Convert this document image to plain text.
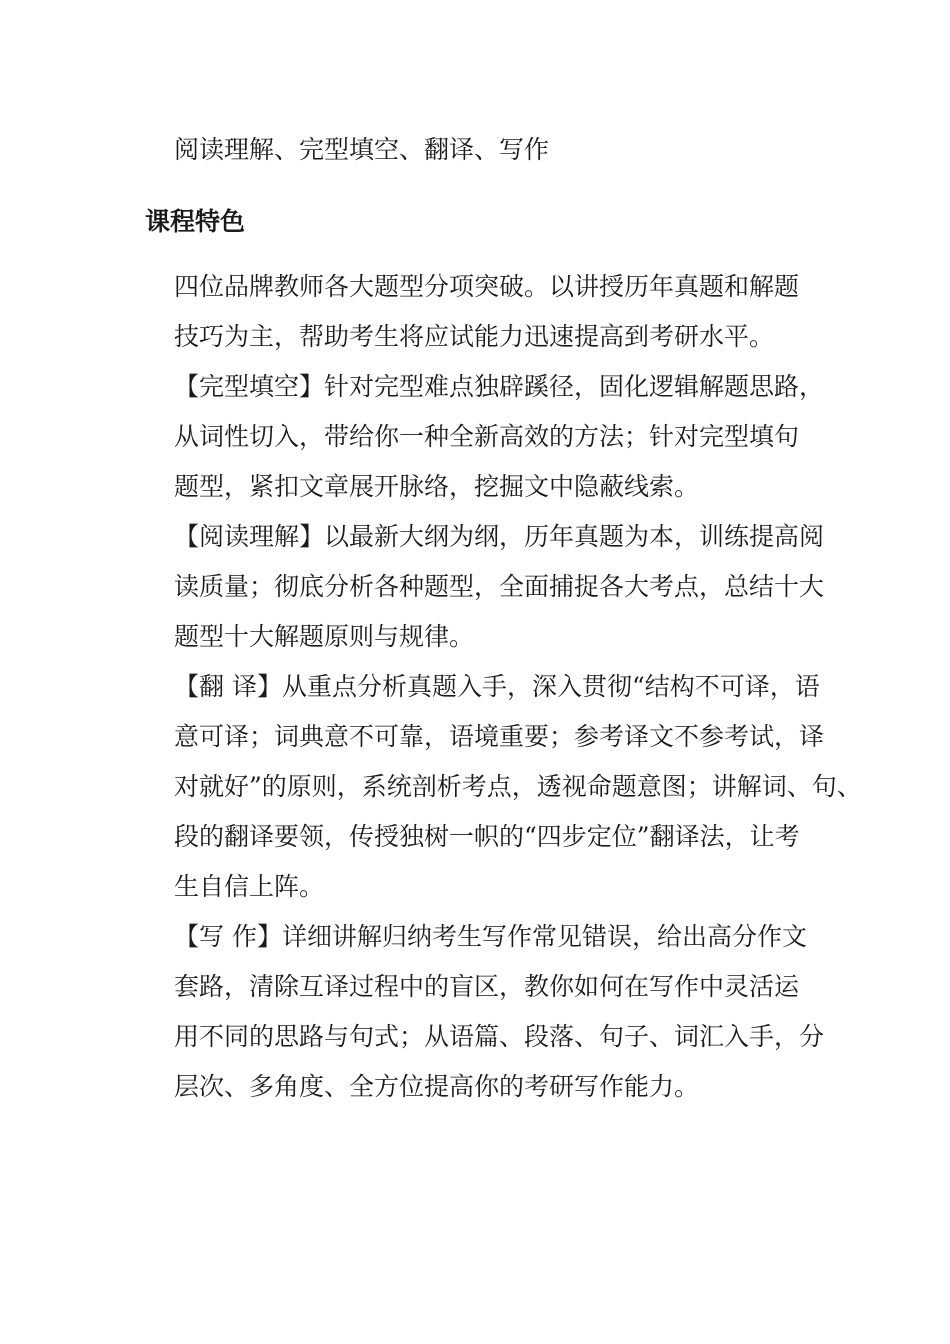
阅读理解、完型填空、翻译、写作
课程特色

四位品牌教师各大题型分项突破。以讲授历年真题和解题
技巧为主，帮助考生将应试能力迅速提高到考研水平。

【完型填空】针对完型难点独辟蹊径，固化逻辑解题思路，
从词性切入，带给你一种全新高效的方法；针对完型填句
题型，紧扣文章展开脉络，挖掘文中隐蔽线索。

【阅读理解】以最新大纲为纲，历年真题为本，训练提高阅
读质量；彻底分析各种题型，全面捕捉各大考点，总结十大
题型十大解题原则与规律。

【翻 译】从重点分析真题入手，深入贯彻“结构不可译，语
意可译；词典意不可靠，语境重要；参考译文不参考试，译
对就好”的原则，系统剖析考点，透视命题意图；讲解词、句、
段的翻译要领，传授独树一帜的“四步定位”翻译法，让考
生自信上阵。

【写 作】详细讲解归纳考生写作常见错误，给出高分作文
套路，清除互译过程中的盲区，教你如何在写作中灵活运
用不同的思路与句式；从语篇、段落、句子、词汇入手，分
层次、多角度、全方位提高你的考研写作能力。
